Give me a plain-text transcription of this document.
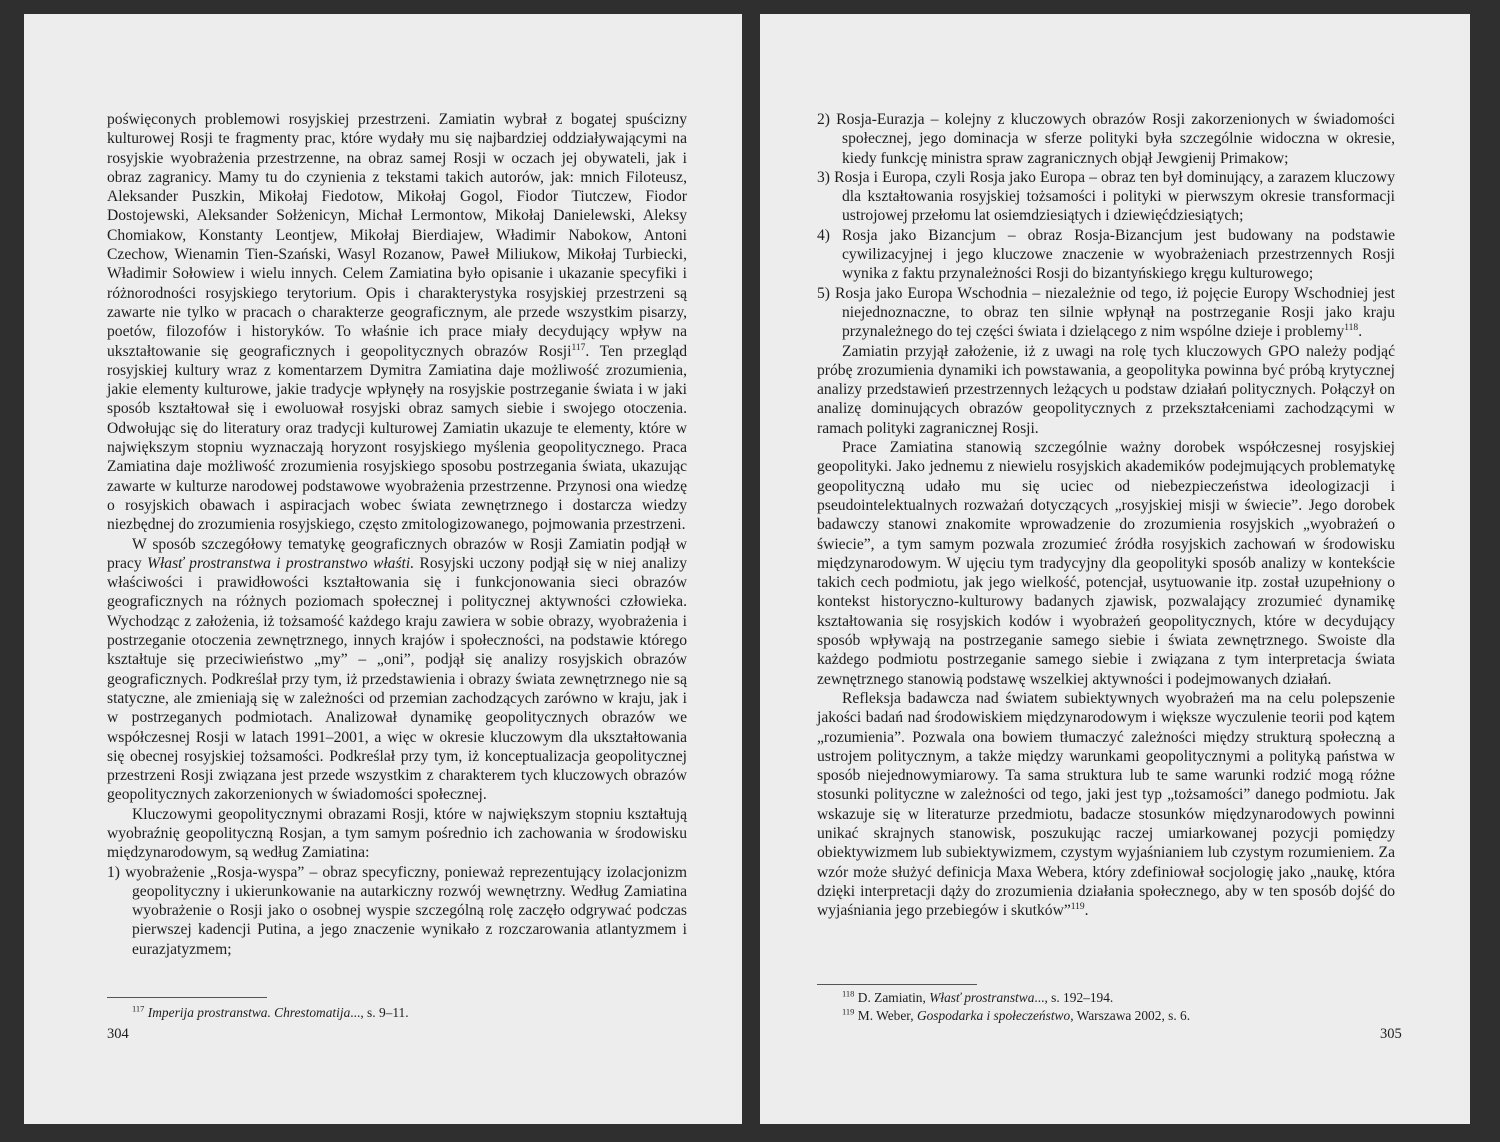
poświęconych problemowi rosyjskiej przestrzeni. Zamiatin wybrał z bogatej spuścizny kulturowej Rosji te fragmenty prac, które wydały mu się najbardziej oddziaływającymi na rosyjskie wyobrażenia przestrzenne, na obraz samej Rosji w oczach jej obywateli, jak i obraz zagranicy. Mamy tu do czynienia z tekstami takich autorów, jak: mnich Filoteusz, Aleksander Puszkin, Mikołaj Fiedotow, Mikołaj Gogol, Fiodor Tiutczew, Fiodor Dostojewski, Aleksander Sołżenicyn, Michał Lermontow, Mikołaj Danielewski, Aleksy Chomiakow, Konstanty Leontjew, Mikołaj Bierdiajew, Władimir Nabokow, Antoni Czechow, Wienamin Tien-Szański, Wasyl Rozanow, Paweł Miliukow, Mikołaj Turbiecki, Władimir Sołowiew i wielu innych. Celem Zamiatina było opisanie i ukazanie specyfiki i różnorodności rosyjskiego terytorium. Opis i charakterystyka rosyjskiej przestrzeni są zawarte nie tylko w pracach o charakterze geograficznym, ale przede wszystkim pisarzy, poetów, filozofów i historyków. To właśnie ich prace miały decydujący wpływ na ukształtowanie się geograficznych i geopolitycznych obrazów Rosji$^{117}$. Ten przegląd rosyjskiej kultury wraz z komentarzem Dymitra Zamiatina daje możliwość zrozumienia, jakie elementy kulturowe, jakie tradycje wpłynęły na rosyjskie postrzeganie świata i w jaki sposób kształtował się i ewoluował rosyjski obraz samych siebie i swojego otoczenia. Odwołując się do literatury oraz tradycji kulturowej Zamiatin ukazuje te elementy, które w największym stopniu wyznaczają horyzont rosyjskiego myślenia geopolitycznego. Praca Zamiatina daje możliwość zrozumienia rosyjskiego sposobu postrzegania świata, ukazując zawarte w kulturze narodowej podstawowe wyobrażenia przestrzenne. Przynosi ona wiedzę o rosyjskich obawach i aspiracjach wobec świata zewnętrznego i dostarcza wiedzy niezbędnej do zrozumienia rosyjskiego, często zmitologizowanego, pojmowania przestrzeni.

W sposób szczegółowy tematykę geograficznych obrazów w Rosji Zamiatin podjął w pracy Własť prostranstwa i prostranstwo właśti. Rosyjski uczony podjął się w niej analizy właściwości i prawidłowości kształtowania się i funkcjonowania sieci obrazów geograficznych na różnych poziomach społecznej i politycznej aktywności człowieka. Wychodząc z założenia, iż tożsamość każdego kraju zawiera w sobie obrazy, wyobrażenia i postrzeganie otoczenia zewnętrznego, innych krajów i społeczności, na podstawie którego kształtuje się przeciwieństwo „my” – „oni”, podjął się analizy rosyjskich obrazów geograficznych. Podkreślał przy tym, iż przedstawienia i obrazy świata zewnętrznego nie są statyczne, ale zmieniają się w zależności od przemian zachodzących zarówno w kraju, jak i w postrzeganych podmiotach. Analizował dynamikę geopolitycznych obrazów we współczesnej Rosji w latach 1991–2001, a więc w okresie kluczowym dla ukształtowania się obecnej rosyjskiej tożsamości. Podkreślał przy tym, iż konceptualizacja geopolitycznej przestrzeni Rosji związana jest przede wszystkim z charakterem tych kluczowych obrazów geopolitycznych zakorzenionych w świadomości społecznej.

Kluczowymi geopolitycznymi obrazami Rosji, które w największym stopniu kształtują wyobraźnię geopolityczną Rosjan, a tym samym pośrednio ich zachowania w środowisku międzynarodowym, są według Zamiatina:

1) wyobrażenie „Rosja-wyspa” – obraz specyficzny, ponieważ reprezentujący izolacjonizm geopolityczny i ukierunkowanie na autarkiczny rozwój wewnętrzny. Według Zamiatina wyobrażenie o Rosji jako o osobnej wyspie szczególną rolę zaczęło odgrywać podczas pierwszej kadencji Putina, a jego znaczenie wynikało z rozczarowania atlantyzmem i eurazjatyzmem;

$^{117}$ Imperija prostranstwa. Chrestomatija..., s. 9–11.
304

2) Rosja-Eurazja – kolejny z kluczowych obrazów Rosji zakorzenionych w świadomości społecznej, jego dominacja w sferze polityki była szczególnie widoczna w okresie, kiedy funkcję ministra spraw zagranicznych objął Jewgienij Primakow;

3) Rosja i Europa, czyli Rosja jako Europa – obraz ten był dominujący, a zarazem kluczowy dla kształtowania rosyjskiej tożsamości i polityki w pierwszym okresie transformacji ustrojowej przełomu lat osiemdziesiątych i dziewięćdziesiątych;

4) Rosja jako Bizancjum – obraz Rosja-Bizancjum jest budowany na podstawie cywilizacyjnej i jego kluczowe znaczenie w wyobrażeniach przestrzennych Rosji wynika z faktu przynależności Rosji do bizantyńskiego kręgu kulturowego;

5) Rosja jako Europa Wschodnia – niezależnie od tego, iż pojęcie Europy Wschodniej jest niejednoznaczne, to obraz ten silnie wpłynął na postrzeganie Rosji jako kraju przynależnego do tej części świata i dzielącego z nim wspólne dzieje i problemy$^{118}$.

Zamiatin przyjął założenie, iż z uwagi na rolę tych kluczowych GPO należy podjąć próbę zrozumienia dynamiki ich powstawania, a geopolityka powinna być próbą krytycznej analizy przedstawień przestrzennych leżących u podstaw działań politycznych. Połączył on analizę dominujących obrazów geopolitycznych z przekształceniami zachodzącymi w ramach polityki zagranicznej Rosji.

Prace Zamiatina stanowią szczególnie ważny dorobek współczesnej rosyjskiej geopolityki. Jako jednemu z niewielu rosyjskich akademików podejmujących problematykę geopolityczną udało mu się uciec od niebezpieczeństwa ideologizacji i pseudointelektualnych rozważań dotyczących „rosyjskiej misji w świecie”. Jego dorobek badawczy stanowi znakomite wprowadzenie do zrozumienia rosyjskich „wyobrażeń o świecie”, a tym samym pozwala zrozumieć źródła rosyjskich zachowań w środowisku międzynarodowym. W ujęciu tym tradycyjny dla geopolityki sposób analizy w kontekście takich cech podmiotu, jak jego wielkość, potencjał, usytuowanie itp. został uzupełniony o kontekst historyczno-kulturowy badanych zjawisk, pozwalający zrozumieć dynamikę kształtowania się rosyjskich kodów i wyobrażeń geopolitycznych, które w decydujący sposób wpływają na postrzeganie samego siebie i świata zewnętrznego. Swoiste dla każdego podmiotu postrzeganie samego siebie i związana z tym interpretacja świata zewnętrznego stanowią podstawę wszelkiej aktywności i podejmowanych działań.

Refleksja badawcza nad światem subiektywnych wyobrażeń ma na celu polepszenie jakości badań nad środowiskiem międzynarodowym i większe wyczulenie teorii pod kątem „rozumienia”. Pozwala ona bowiem tłumaczyć zależności między strukturą społeczną a ustrojem politycznym, a także między warunkami geopolitycznymi a polityką państwa w sposób niejednowymiarowy. Ta sama struktura lub te same warunki rodzić mogą różne stosunki polityczne w zależności od tego, jaki jest typ „tożsamości” danego podmiotu. Jak wskazuje się w literaturze przedmiotu, badacze stosunków międzynarodowych powinni unikać skrajnych stanowisk, poszukując raczej umiarkowanej pozycji pomiędzy obiektywizmem lub subiektywizmem, czystym wyjaśnianiem lub czystym rozumieniem. Za wzór może służyć definicja Maxa Webera, który zdefiniował socjologię jako „naukę, która dzięki interpretacji dąży do zrozumienia działania społecznego, aby w ten sposób dojść do wyjaśniania jego przebiegów i skutków”$^{119}$.

$^{118}$ D. Zamiatin, Własť prostranstwa..., s. 192–194.
$^{119}$ M. Weber, Gospodarka i społeczeństwo, Warszawa 2002, s. 6.
305
